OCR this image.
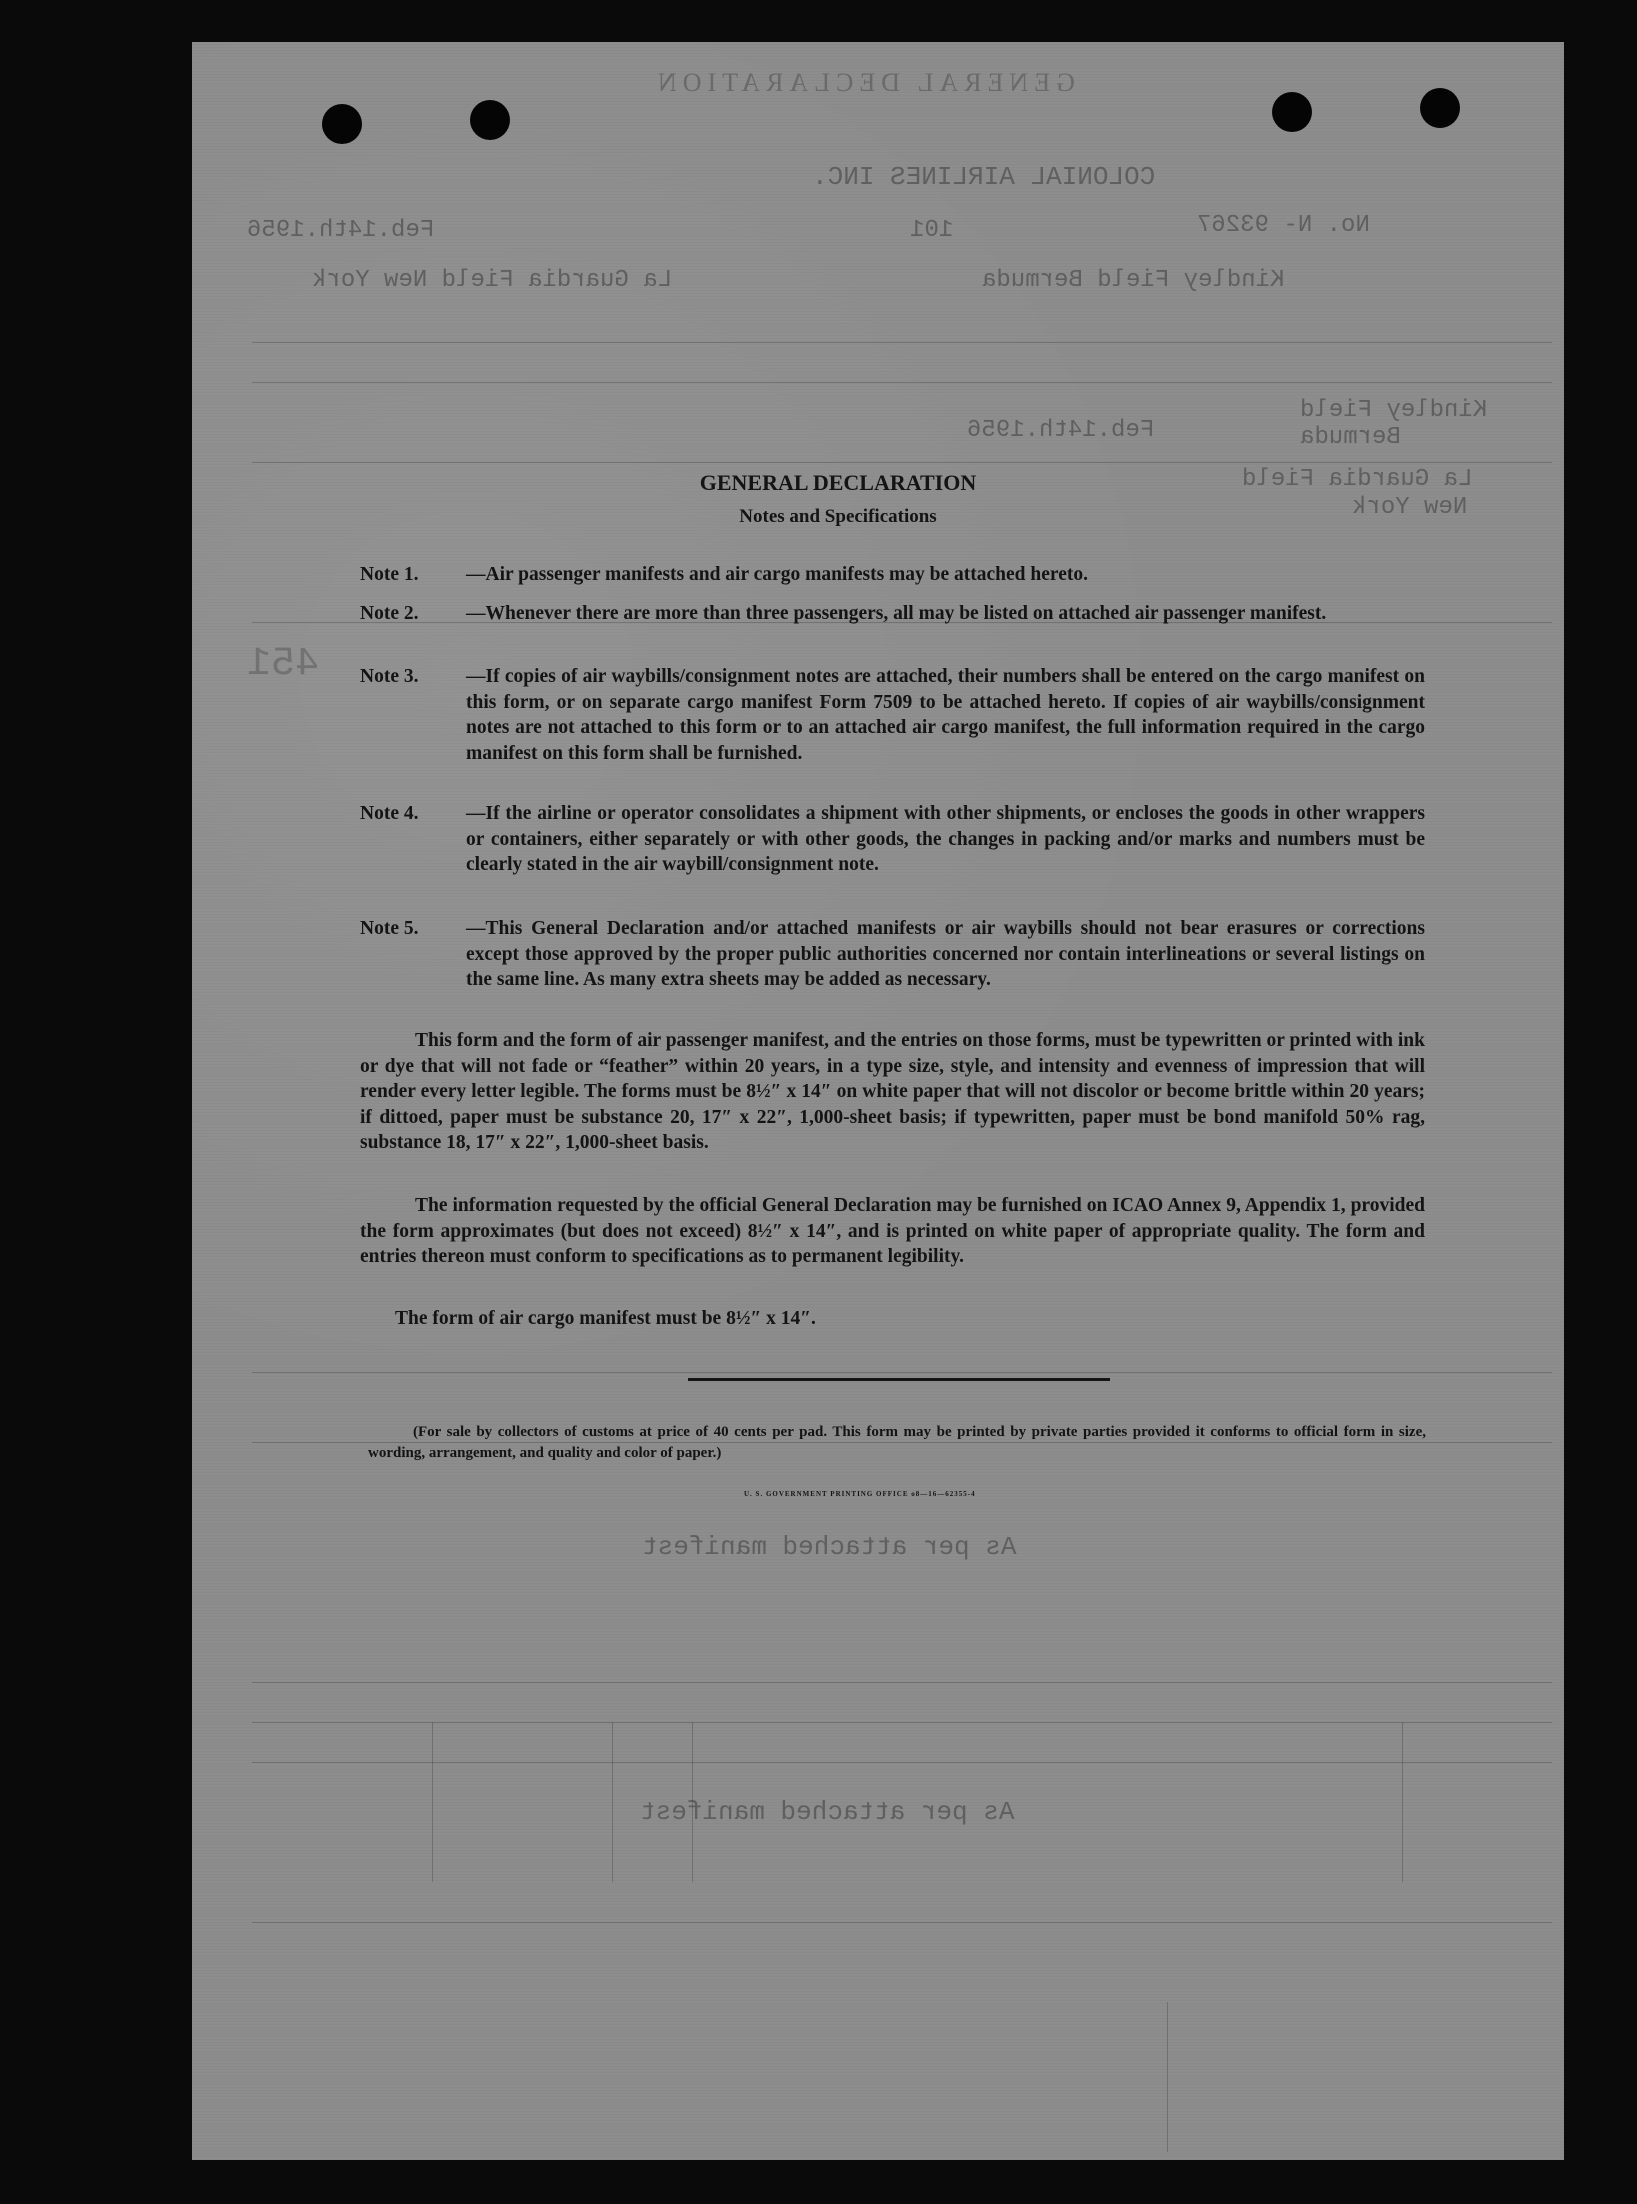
GENERAL DECLARATION
COLONIAL AIRLINES INC.
No. N- 93267
101
Feb.14th.1956
Kindley Field Bermuda
La Guardia Field New York
Kindley Field
Bermuda
Feb.14th.1956
La Guardia Field
New York
451
As per attached manifest
As per attached manifest
GENERAL DECLARATION
Notes and Specifications
Note 1. —Air passenger manifests and air cargo manifests may be attached hereto.
Note 2. —Whenever there are more than three passengers, all may be listed on attached air passenger manifest.
Note 3. —If copies of air waybills/consignment notes are attached, their numbers shall be entered on the cargo manifest on this form, or on separate cargo manifest Form 7509 to be attached hereto. If copies of air waybills/consignment notes are not attached to this form or to an attached air cargo manifest, the full information required in the cargo manifest on this form shall be furnished.
Note 4. —If the airline or operator consolidates a shipment with other shipments, or encloses the goods in other wrappers or containers, either separately or with other goods, the changes in packing and/or marks and numbers must be clearly stated in the air waybill/consignment note.
Note 5. —This General Declaration and/or attached manifests or air waybills should not bear erasures or corrections except those approved by the proper public authorities concerned nor contain interlineations or several listings on the same line. As many extra sheets may be added as necessary.
This form and the form of air passenger manifest, and the entries on those forms, must be typewritten or printed with ink or dye that will not fade or “feather” within 20 years, in a type size, style, and intensity and evenness of impression that will render every letter legible. The forms must be 8½″ x 14″ on white paper that will not discolor or become brittle within 20 years; if dittoed, paper must be substance 20, 17″ x 22″, 1,000-sheet basis; if typewritten, paper must be bond manifold 50% rag, substance 18, 17″ x 22″, 1,000-sheet basis.
The information requested by the official General Declaration may be furnished on ICAO Annex 9, Appendix 1, provided the form approximates (but does not exceed) 8½″ x 14″, and is printed on white paper of appropriate quality. The form and entries thereon must conform to specifications as to permanent legibility.
The form of air cargo manifest must be 8½″ x 14″.
(For sale by collectors of customs at price of 40 cents per pad. This form may be printed by private parties provided it conforms to official form in size, wording, arrangement, and quality and color of paper.)
U. S. GOVERNMENT PRINTING OFFICE o8—16—62355-4
